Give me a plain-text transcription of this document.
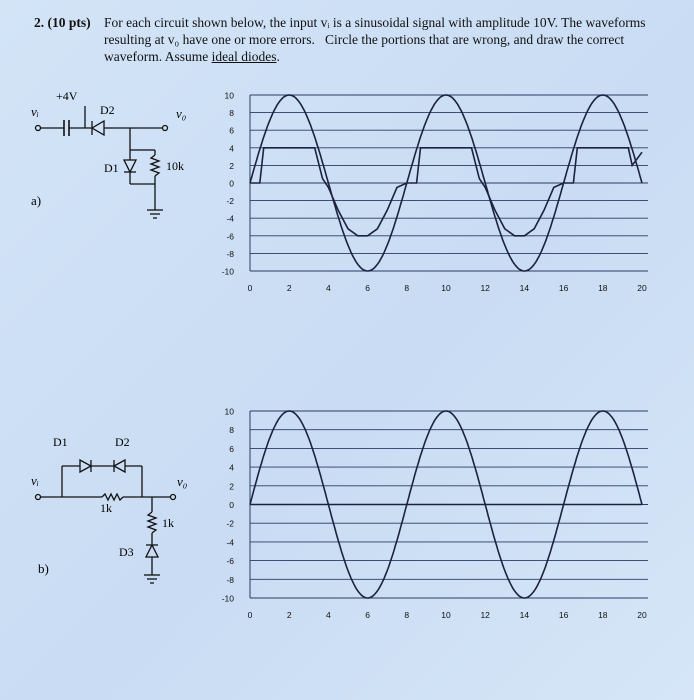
2. (10 pts) For each circuit shown below, the input vᵢ is a sinusoidal signal with amplitude 10V. The waveforms
resulting at v₀ have one or more errors. Circle the portions that are wrong, and draw the correct
waveform. Assume ideal diodes.
+4V
vᵢ	D2	v₀
D1	10k
a)
D1	D2
vᵢ	v₀
1k
1k
D3
b)
10
8
6
4
2
0
-2
-4
-6
-8
-10
0	2	4	6	8	10	12	14	16	18	20
10
8
6
4
2
0
-2
-4
-6
-8
-10
0	2	4	6	8	10	12	14	16	18	20
